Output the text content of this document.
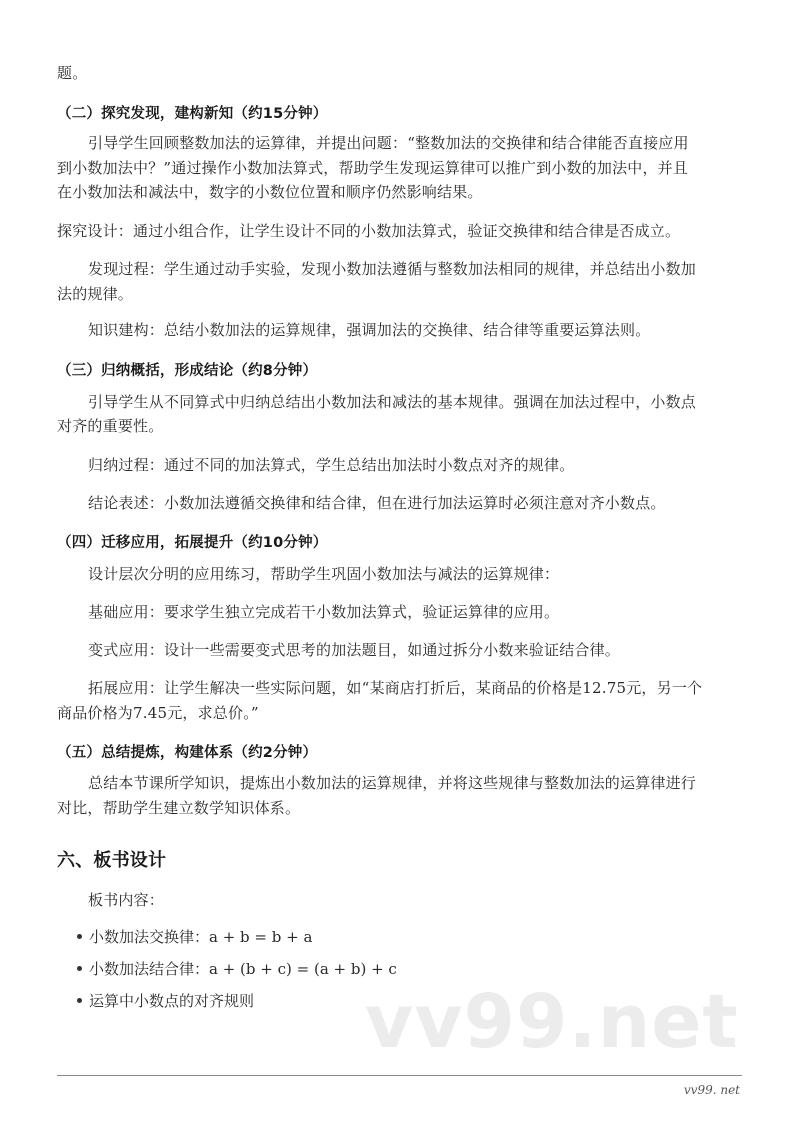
题。
（二）探究发现，建构新知（约15分钟）
引导学生回顾整数加法的运算律，并提出问题：“整数加法的交换律和结合律能否直接应用
到小数加法中？”通过操作小数加法算式，帮助学生发现运算律可以推广到小数的加法中，并且
在小数加法和减法中，数字的小数位位置和顺序仍然影响结果。
探究设计：通过小组合作，让学生设计不同的小数加法算式，验证交换律和结合律是否成立。
发现过程：学生通过动手实验，发现小数加法遵循与整数加法相同的规律，并总结出小数加
法的规律。
知识建构：总结小数加法的运算规律，强调加法的交换律、结合律等重要运算法则。
（三）归纳概括，形成结论（约8分钟）
引导学生从不同算式中归纳总结出小数加法和减法的基本规律。强调在加法过程中，小数点
对齐的重要性。
归纳过程：通过不同的加法算式，学生总结出加法时小数点对齐的规律。
结论表述：小数加法遵循交换律和结合律，但在进行加法运算时必须注意对齐小数点。
（四）迁移应用，拓展提升（约10分钟）
设计层次分明的应用练习，帮助学生巩固小数加法与减法的运算规律：
基础应用：要求学生独立完成若干小数加法算式，验证运算律的应用。
变式应用：设计一些需要变式思考的加法题目，如通过拆分小数来验证结合律。
拓展应用：让学生解决一些实际问题，如“某商店打折后，某商品的价格是12.75元，另一个
商品价格为7.45元，求总价。”
（五）总结提炼，构建体系（约2分钟）
总结本节课所学知识，提炼出小数加法的运算规律，并将这些规律与整数加法的运算律进行
对比，帮助学生建立数学知识体系。
六、板书设计
板书内容：
小数加法交换律：a + b = b + a
小数加法结合律：a + (b + c) = (a + b) + c
运算中小数点的对齐规则 vv99.net
vv99. net
